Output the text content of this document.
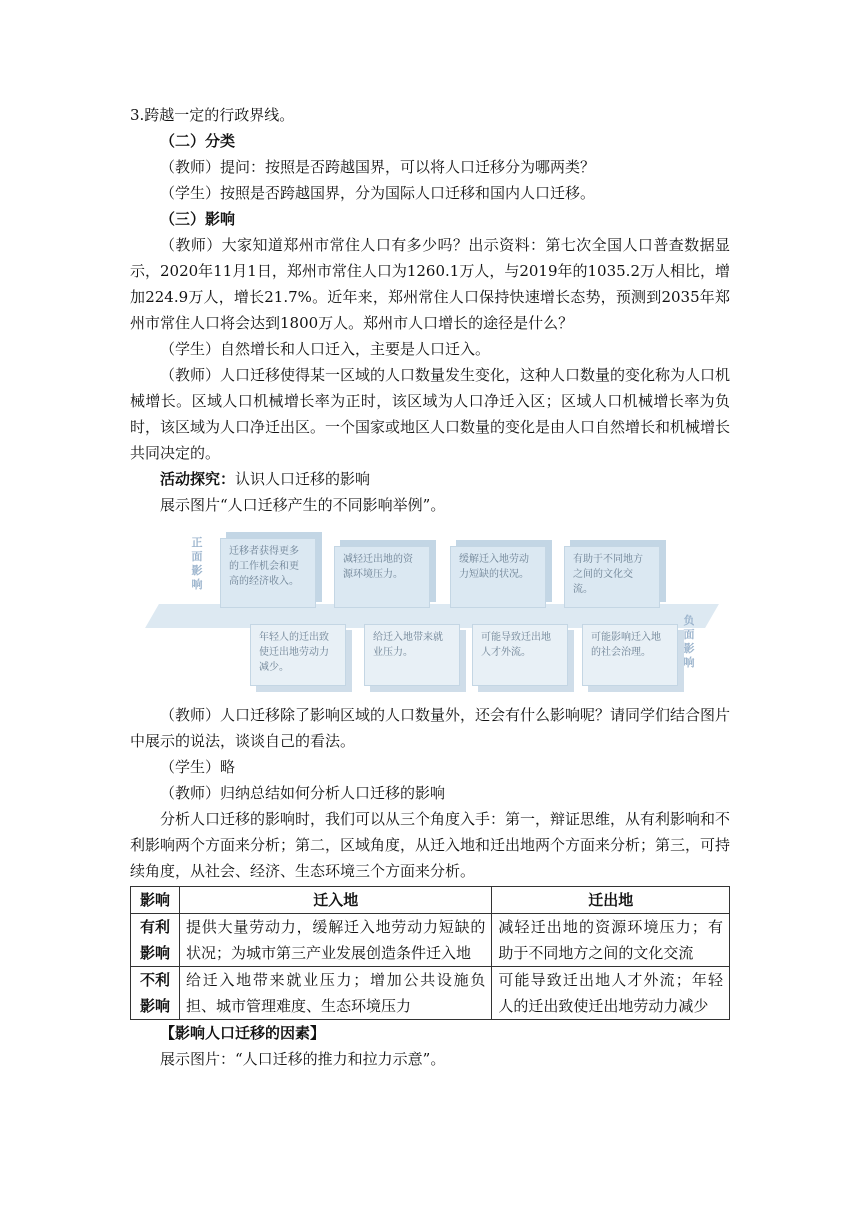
3.跨越一定的行政界线。

（二）分类

（教师）提问：按照是否跨越国界，可以将人口迁移分为哪两类？

（学生）按照是否跨越国界，分为国际人口迁移和国内人口迁移。

（三）影响

（教师）大家知道郑州市常住人口有多少吗？出示资料：第七次全国人口普查数据显示，2020年11月1日，郑州市常住人口为1260.1万人，与2019年的1035.2万人相比，增加224.9万人，增长21.7%。近年来，郑州常住人口保持快速增长态势，预测到2035年郑州市常住人口将会达到1800万人。郑州市人口增长的途径是什么？

（学生）自然增长和人口迁入，主要是人口迁入。

（教师）人口迁移使得某一区域的人口数量发生变化，这种人口数量的变化称为人口机械增长。区域人口机械增长率为正时，该区域为人口净迁入区；区域人口机械增长率为负时，该区域为人口净迁出区。一个国家或地区人口数量的变化是由人口自然增长和机械增长共同决定的。

活动探究：认识人口迁移的影响

展示图片“人口迁移产生的不同影响举例”。

正面影响
负面影响
迁移者获得更多的工作机会和更高的经济收入。
减轻迁出地的资源环境压力。
缓解迁入地劳动力短缺的状况。
有助于不同地方之间的文化交流。
年轻人的迁出致使迁出地劳动力减少。
给迁入地带来就业压力。
可能导致迁出地人才外流。
可能影响迁入地的社会治理。

（教师）人口迁移除了影响区域的人口数量外，还会有什么影响呢？请同学们结合图片中展示的说法，谈谈自己的看法。

（学生）略

（教师）归纳总结如何分析人口迁移的影响

分析人口迁移的影响时，我们可以从三个角度入手：第一，辩证思维，从有利影响和不利影响两个方面来分析；第二，区域角度，从迁入地和迁出地两个方面来分析；第三，可持续角度，从社会、经济、生态环境三个方面来分析。

影响	迁入地	迁出地
有利影响	提供大量劳动力，缓解迁入地劳动力短缺的状况；为城市第三产业发展创造条件迁入地	减轻迁出地的资源环境压力；有助于不同地方之间的文化交流
不利影响	给迁入地带来就业压力；增加公共设施负担、城市管理难度、生态环境压力	可能导致迁出地人才外流；年轻人的迁出致使迁出地劳动力减少

【影响人口迁移的因素】

展示图片：“人口迁移的推力和拉力示意”。
